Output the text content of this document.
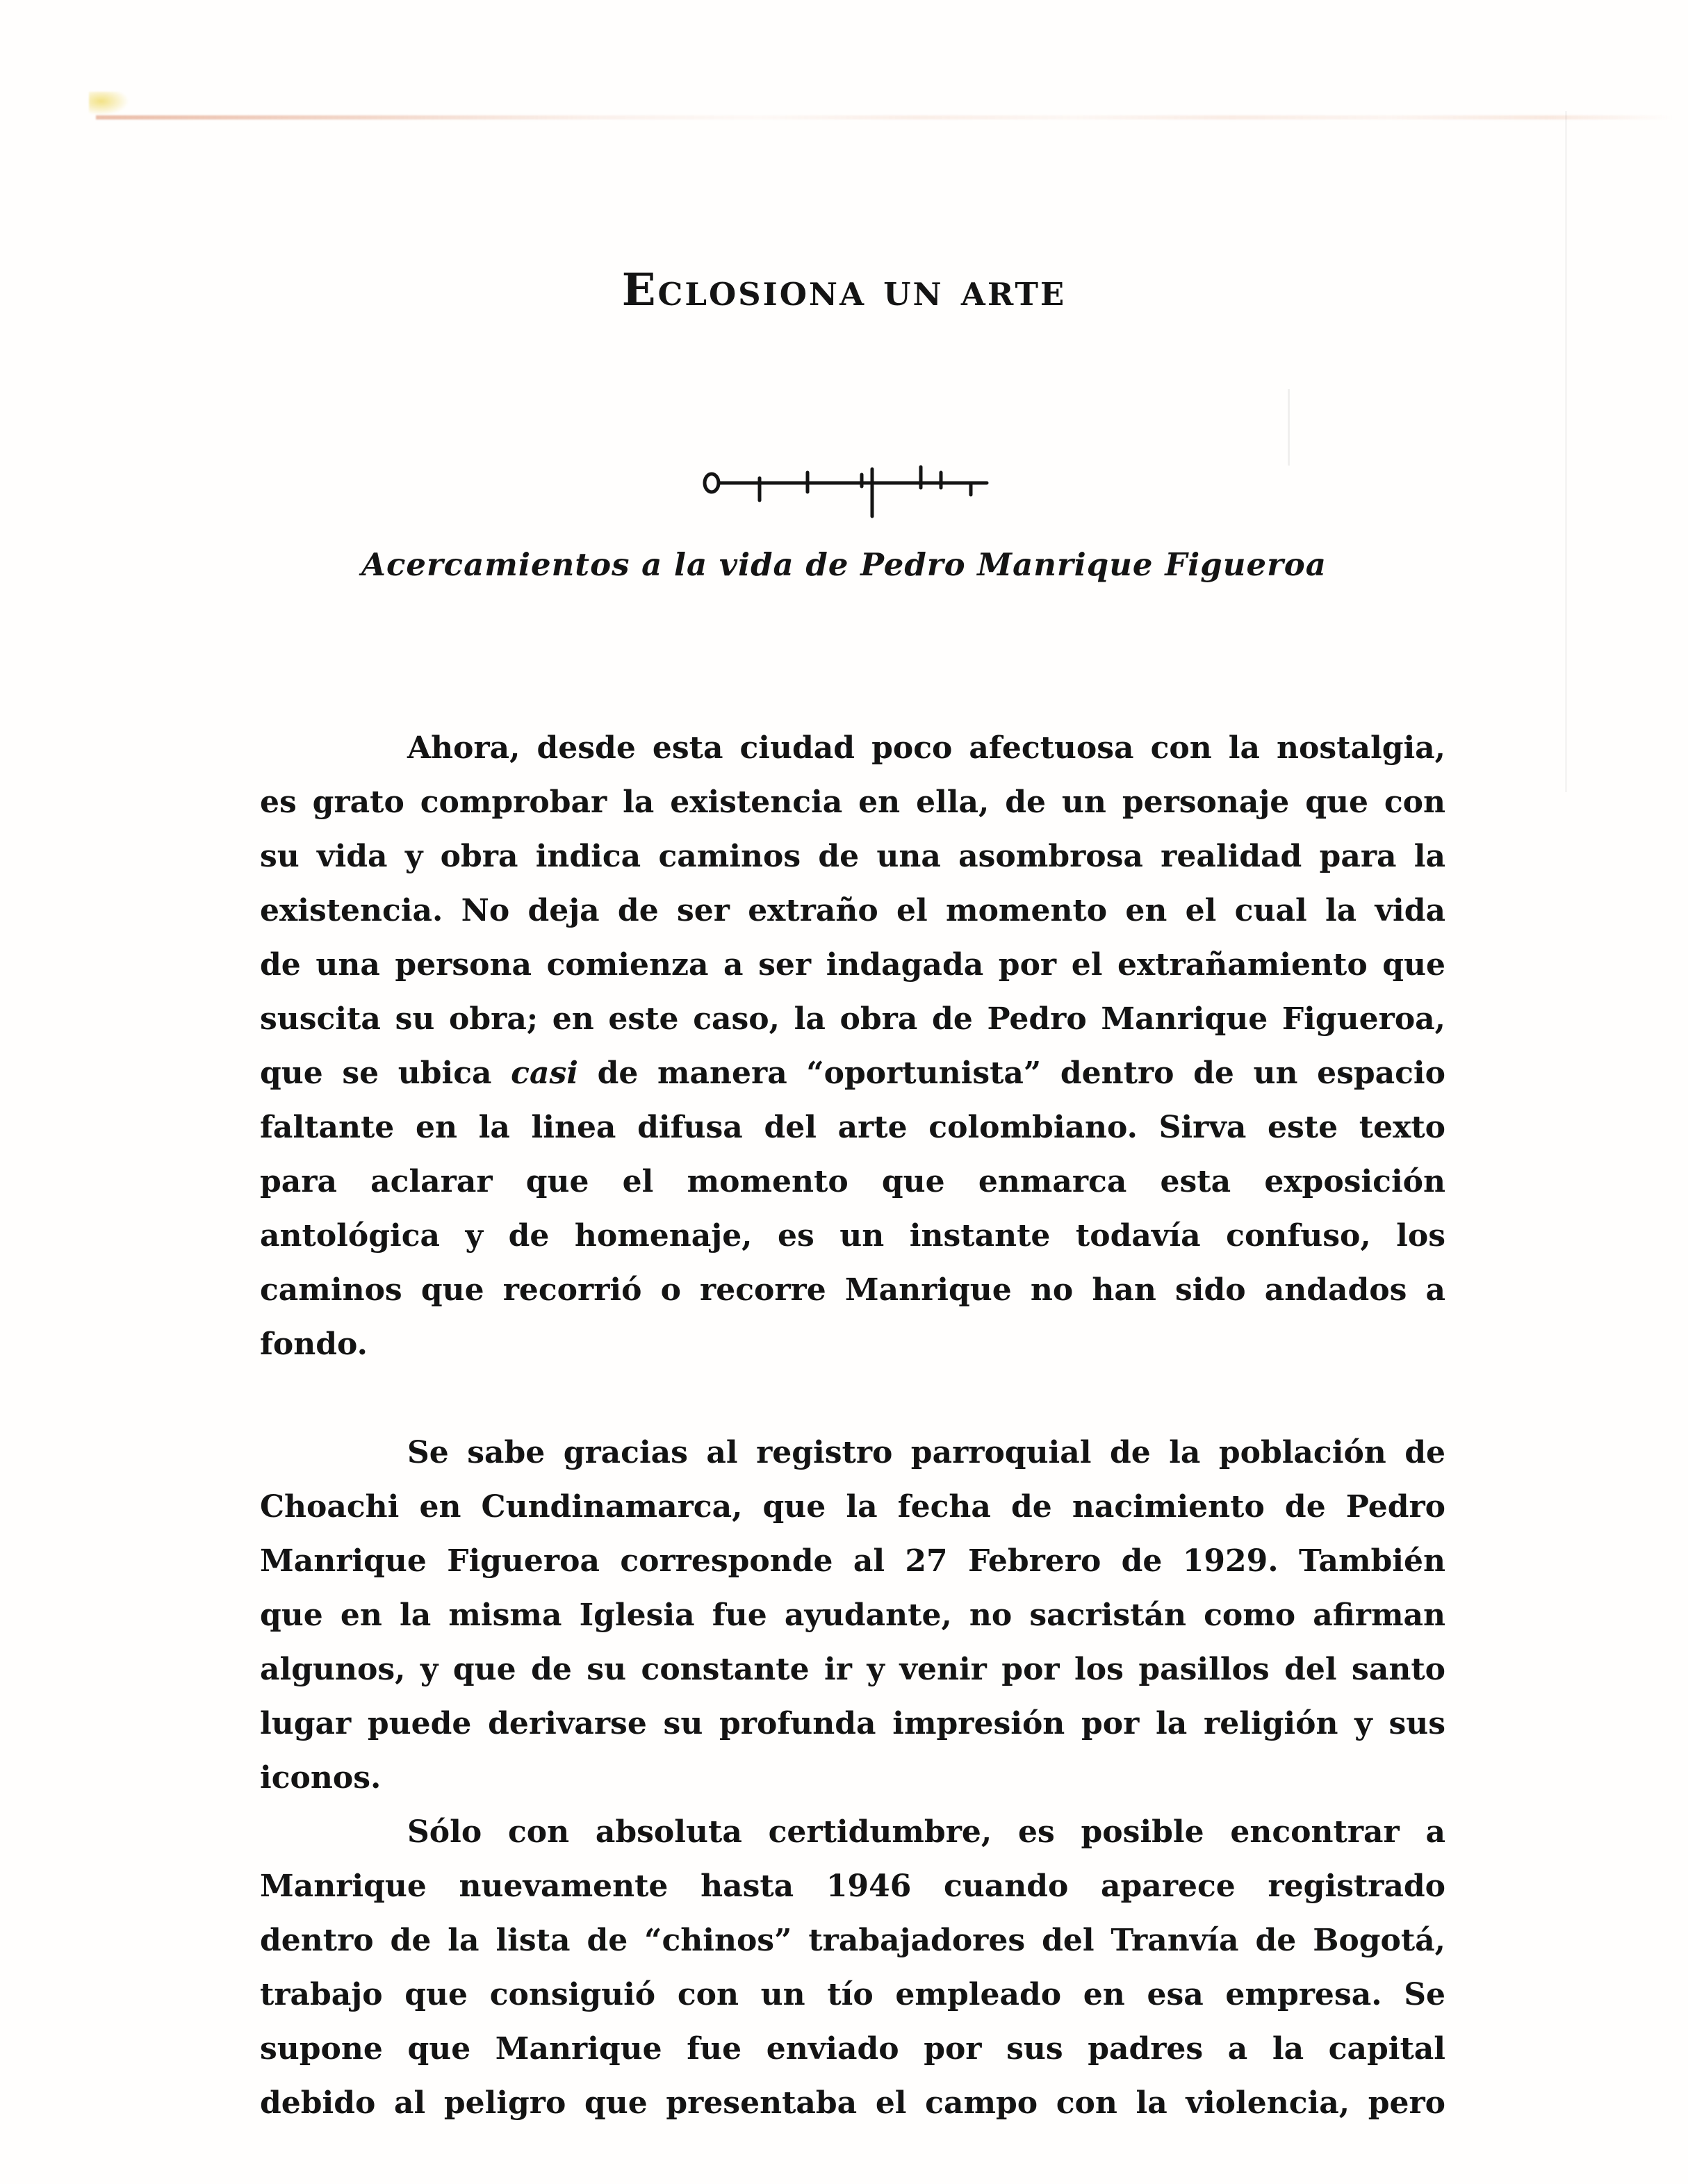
Eclosiona un arte
Acercamientos a la vida de Pedro Manrique Figueroa
Ahora, desde esta ciudad poco afectuosa con la nostalgia,
es grato comprobar la existencia en ella, de un personaje que con
su vida y obra indica caminos de una asombrosa realidad para la
existencia. No deja de ser extraño el momento en el cual la vida
de una persona comienza a ser indagada por el extrañamiento que
suscita su obra; en este caso, la obra de Pedro Manrique Figueroa,
que se ubica casi de manera “oportunista” dentro de un espacio
faltante en la linea difusa del arte colombiano. Sirva este texto
para aclarar que el momento que enmarca esta exposición
antológica y de homenaje, es un instante todavía confuso, los
caminos que recorrió o recorre Manrique no han sido andados a
fondo.
Se sabe gracias al registro parroquial de la población de
Choachi en Cundinamarca, que la fecha de nacimiento de Pedro
Manrique Figueroa corresponde al 27 Febrero de 1929. También
que en la misma Iglesia fue ayudante, no sacristán como afirman
algunos, y que de su constante ir y venir por los pasillos del santo
lugar puede derivarse su profunda impresión por la religión y sus
iconos.
Sólo con absoluta certidumbre, es posible encontrar a
Manrique nuevamente hasta 1946 cuando aparece registrado
dentro de la lista de “chinos” trabajadores del Tranvía de Bogotá,
trabajo que consiguió con un tío empleado en esa empresa. Se
supone que Manrique fue enviado por sus padres a la capital
debido al peligro que presentaba el campo con la violencia, pero
